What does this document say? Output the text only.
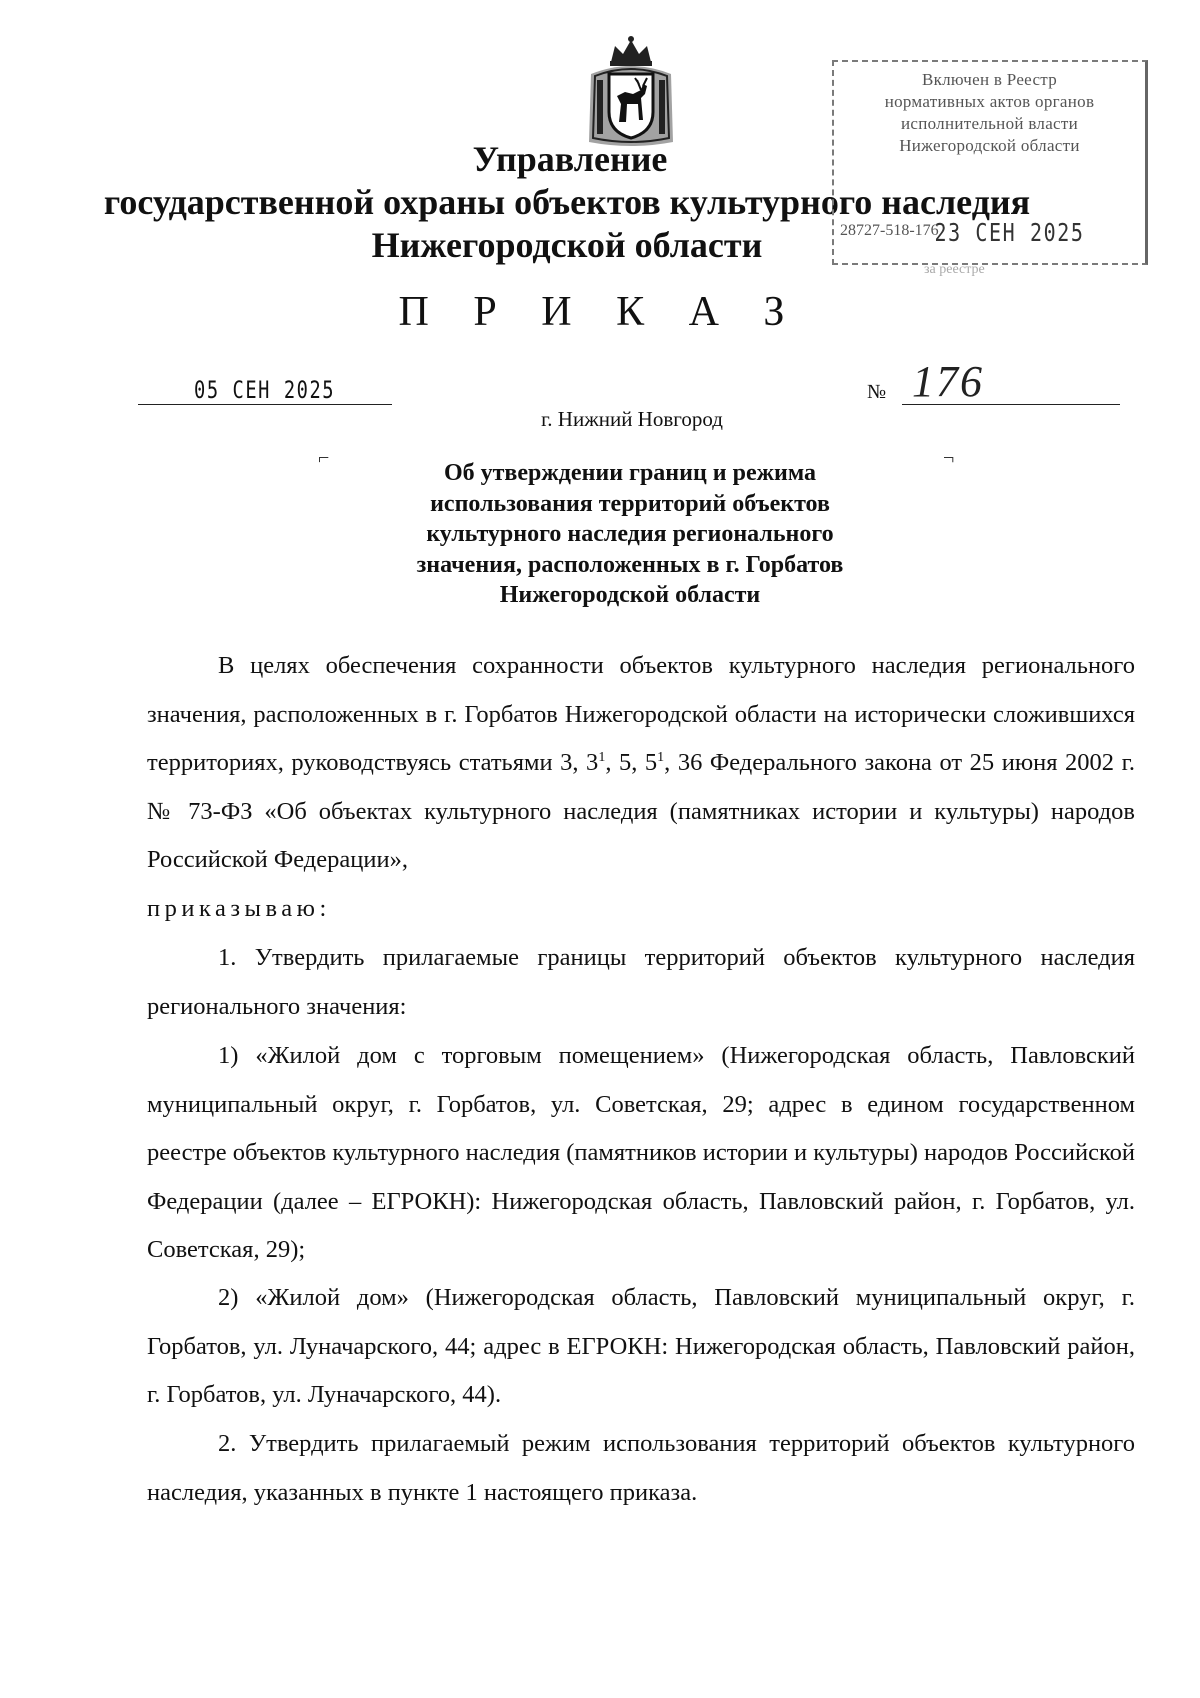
Управление
государственной охраны объектов культурного наследия
Нижегородской области
Включен в Реестр
нормативных актов органов
исполнительной власти
Нижегородской области
23 СЕН 2025
за реестре
28727-518-176
П Р И К А З
05 СЕН 2025	№ 176
г. Нижний Новгород
⌐	¬
Об утверждении границ и режима
использования территорий объектов
культурного наследия регионального
значения, расположенных в г. Горбатов
Нижегородской области
В целях обеспечения сохранности объектов культурного наследия регионального значения, расположенных в г. Горбатов Нижегородской области на исторически сложившихся территориях, руководствуясь статьями 3, $3^1$, 5, $5^1$, 36 Федерального закона от 25 июня 2002 г. № 73-ФЗ «Об объектах культурного наследия (памятниках истории и культуры) народов Российской Федерации»,
приказываю:
1. Утвердить прилагаемые границы территорий объектов культурного наследия регионального значения:
1) «Жилой дом с торговым помещением» (Нижегородская область, Павловский муниципальный округ, г. Горбатов, ул. Советская, 29; адрес в едином государственном реестре объектов культурного наследия (памятников истории и культуры) народов Российской Федерации (далее – ЕГРОКН): Нижегородская область, Павловский район, г. Горбатов, ул. Советская, 29);
2) «Жилой дом» (Нижегородская область, Павловский муниципальный округ, г. Горбатов, ул. Луначарского, 44; адрес в ЕГРОКН: Нижегородская область, Павловский район, г. Горбатов, ул. Луначарского, 44).
2. Утвердить прилагаемый режим использования территорий объектов культурного наследия, указанных в пункте 1 настоящего приказа.
